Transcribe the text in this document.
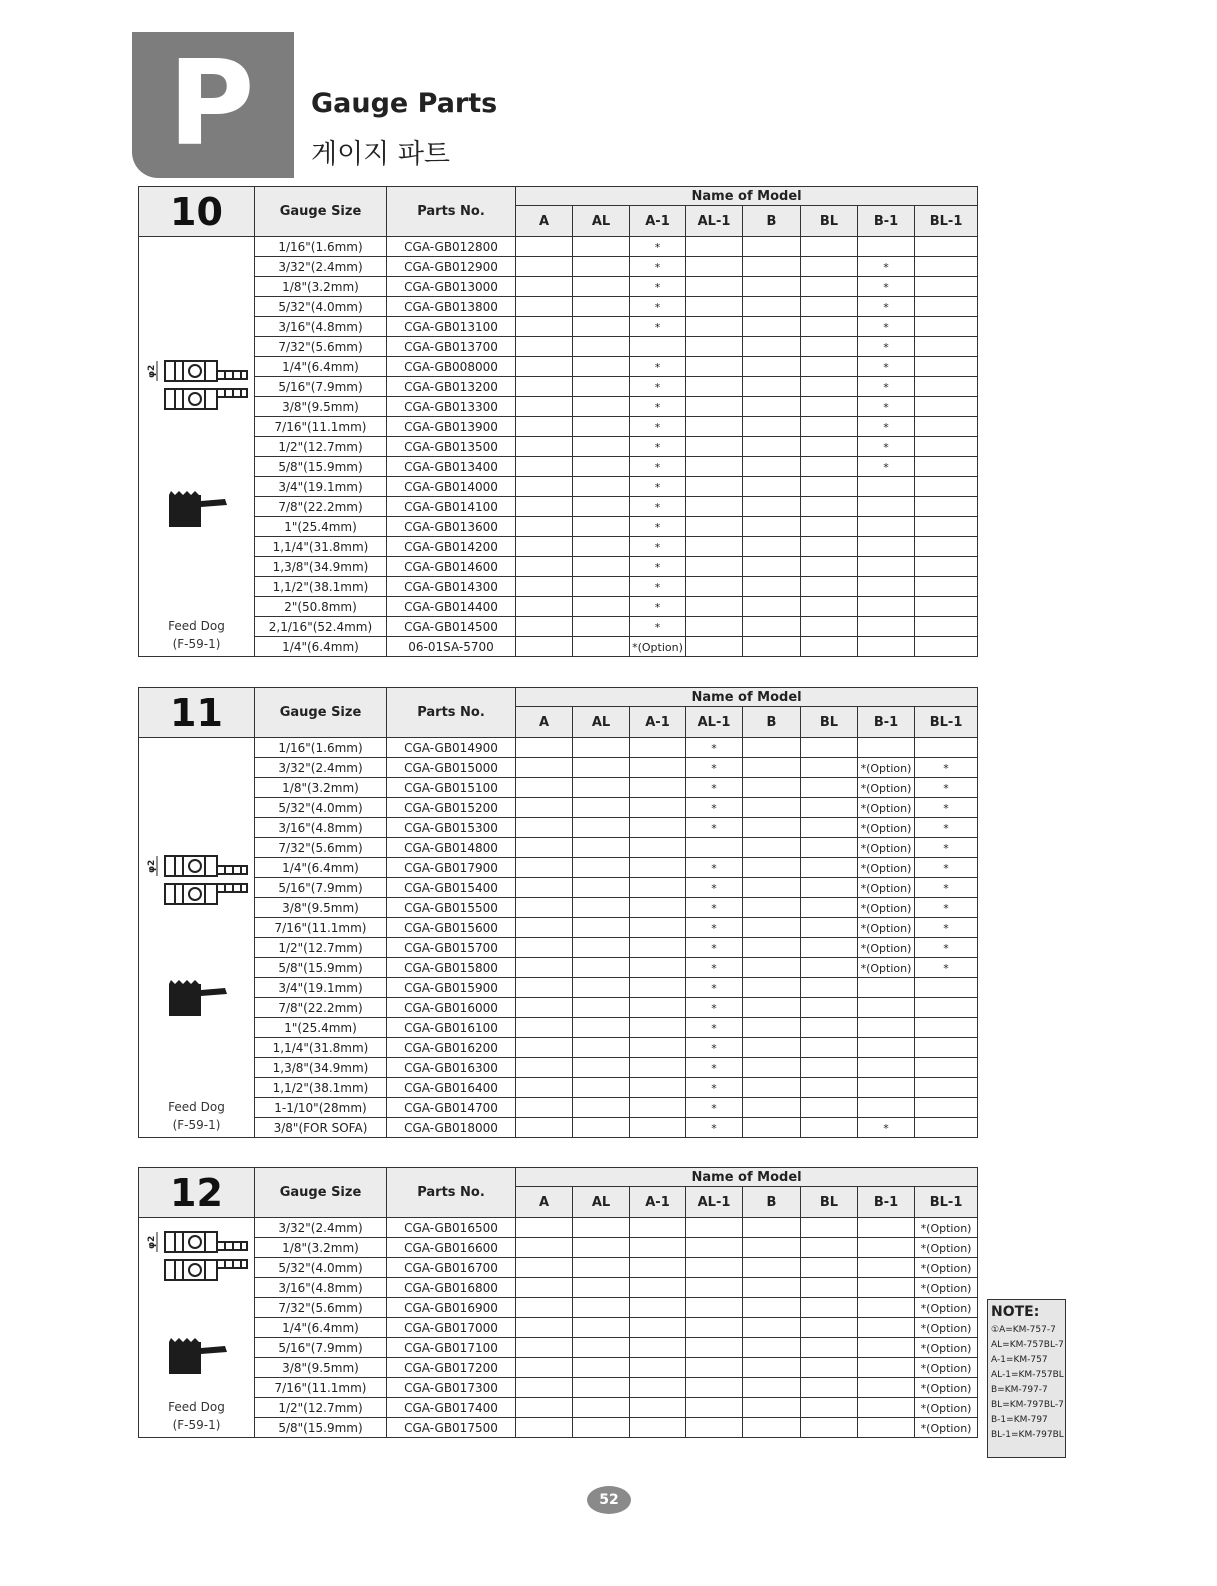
P Gauge Parts
게이지 파트
10	Gauge Size	Parts No.	Name of Model							
			A	AL	A-1	AL-1	B	BL	B-1	BL-1

φ2
Feed Dog
(F-59-1)	1/16"(1.6mm)	CGA-GB012800			*					
	3/32"(2.4mm)	CGA-GB012900			*				*	
	1/8"(3.2mm)	CGA-GB013000			*				*	
	5/32"(4.0mm)	CGA-GB013800			*				*	
	3/16"(4.8mm)	CGA-GB013100			*				*	
	7/32"(5.6mm)	CGA-GB013700							*	
	1/4"(6.4mm)	CGA-GB008000			*				*	
	5/16"(7.9mm)	CGA-GB013200			*				*	
	3/8"(9.5mm)	CGA-GB013300			*				*	
	7/16"(11.1mm)	CGA-GB013900			*				*	
	1/2"(12.7mm)	CGA-GB013500			*				*	
	5/8"(15.9mm)	CGA-GB013400			*				*	
	3/4"(19.1mm)	CGA-GB014000			*					
	7/8"(22.2mm)	CGA-GB014100			*					
	1"(25.4mm)	CGA-GB013600			*					
	1,1/4"(31.8mm)	CGA-GB014200			*					
	1,3/8"(34.9mm)	CGA-GB014600			*					
	1,1/2"(38.1mm)	CGA-GB014300			*					
	2"(50.8mm)	CGA-GB014400			*					
	2,1/16"(52.4mm)	CGA-GB014500			*					
	1/4"(6.4mm)	06-01SA-5700			*(Option)					
11	Gauge Size	Parts No.	Name of Model							
			A	AL	A-1	AL-1	B	BL	B-1	BL-1

φ2
Feed Dog
(F-59-1)	1/16"(1.6mm)	CGA-GB014900				*				
	3/32"(2.4mm)	CGA-GB015000				*			*(Option)	*
	1/8"(3.2mm)	CGA-GB015100				*			*(Option)	*
	5/32"(4.0mm)	CGA-GB015200				*			*(Option)	*
	3/16"(4.8mm)	CGA-GB015300				*			*(Option)	*
	7/32"(5.6mm)	CGA-GB014800							*(Option)	*
	1/4"(6.4mm)	CGA-GB017900				*			*(Option)	*
	5/16"(7.9mm)	CGA-GB015400				*			*(Option)	*
	3/8"(9.5mm)	CGA-GB015500				*			*(Option)	*
	7/16"(11.1mm)	CGA-GB015600				*			*(Option)	*
	1/2"(12.7mm)	CGA-GB015700				*			*(Option)	*
	5/8"(15.9mm)	CGA-GB015800				*			*(Option)	*
	3/4"(19.1mm)	CGA-GB015900				*				
	7/8"(22.2mm)	CGA-GB016000				*				
	1"(25.4mm)	CGA-GB016100				*				
	1,1/4"(31.8mm)	CGA-GB016200				*				
	1,3/8"(34.9mm)	CGA-GB016300				*				
	1,1/2"(38.1mm)	CGA-GB016400				*				
	1-1/10"(28mm)	CGA-GB014700				*				
	3/8"(FOR SOFA)	CGA-GB018000				*			*	
12	Gauge Size	Parts No.	Name of Model							
			A	AL	A-1	AL-1	B	BL	B-1	BL-1

φ2
Feed Dog
(F-59-1)	3/32"(2.4mm)	CGA-GB016500								*(Option)
	1/8"(3.2mm)	CGA-GB016600								*(Option)
	5/32"(4.0mm)	CGA-GB016700								*(Option)
	3/16"(4.8mm)	CGA-GB016800								*(Option)
	7/32"(5.6mm)	CGA-GB016900								*(Option)
	1/4"(6.4mm)	CGA-GB017000								*(Option)
	5/16"(7.9mm)	CGA-GB017100								*(Option)
	3/8"(9.5mm)	CGA-GB017200								*(Option)
	7/16"(11.1mm)	CGA-GB017300								*(Option)
	1/2"(12.7mm)	CGA-GB017400								*(Option)
	5/8"(15.9mm)	CGA-GB017500								*(Option)
NOTE:
①A=KM-757-7
AL=KM-757BL-7
A-1=KM-757
AL-1=KM-757BL
B=KM-797-7
BL=KM-797BL-7
B-1=KM-797
BL-1=KM-797BL
52
